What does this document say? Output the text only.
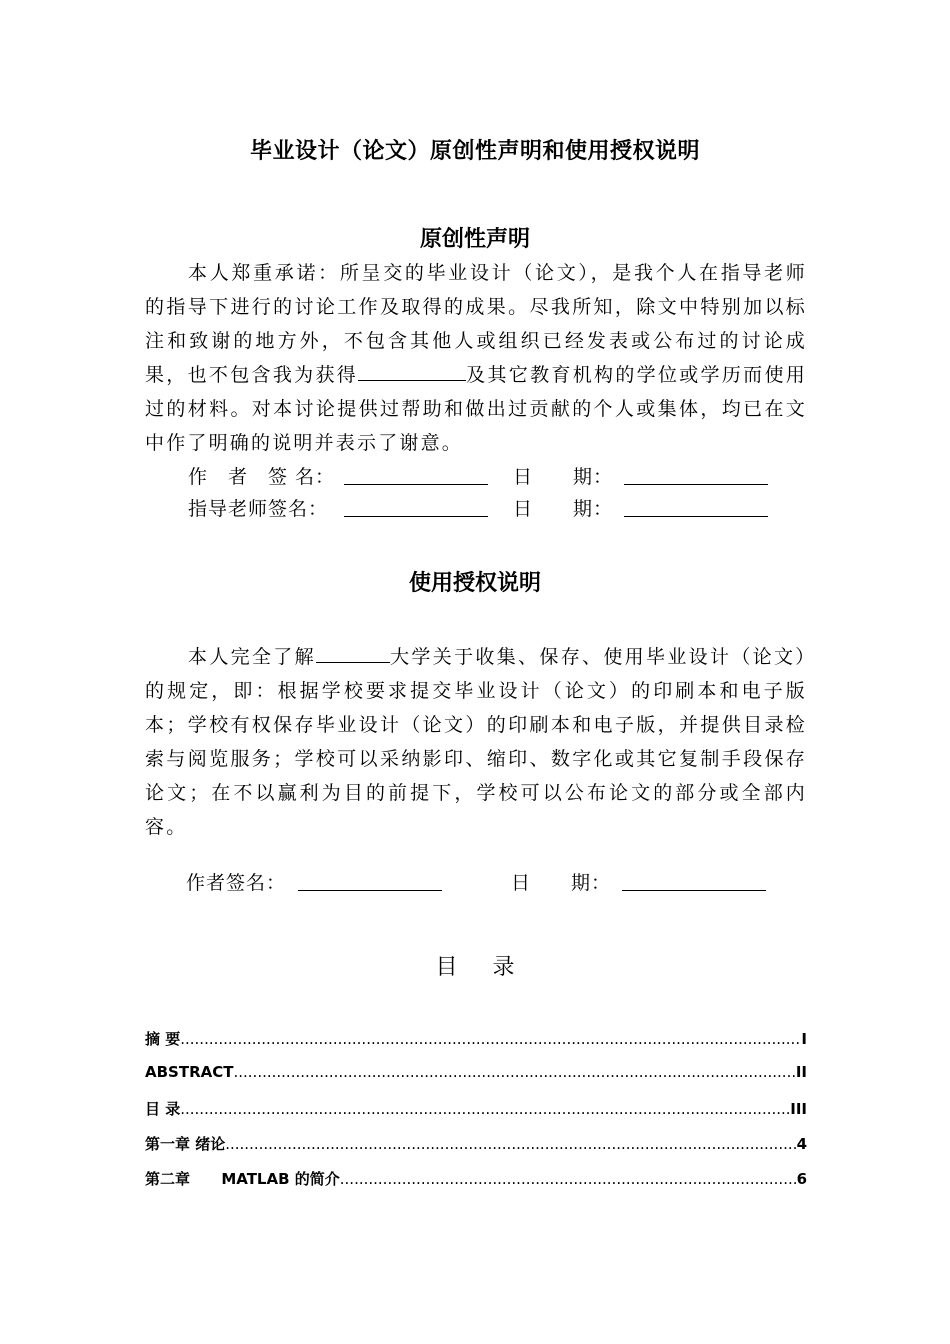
毕业设计（论文）原创性声明和使用授权说明
原创性声明
本人郑重承诺：所呈交的毕业设计（论文），是我个人在指导老师的指导下进行的讨论工作及取得的成果。尽我所知，除文中特别加以标注和致谢的地方外，不包含其他人或组织已经发表或公布过的讨论成果，也不包含我为获得	及其它教育机构的学位或学历而使用过的材料。对本讨论提供过帮助和做出过贡献的个人或集体，均已在文中作了明确的说明并表示了谢意。
作　者　签 名：	日　　期：
指导老师签名：	日　　期：
使用授权说明
本人完全了解	大学关于收集、保存、使用毕业设计（论文）的规定，即：根据学校要求提交毕业设计（论文）的印刷本和电子版本；学校有权保存毕业设计（论文）的印刷本和电子版，并提供目录检索与阅览服务；学校可以采纳影印、缩印、数字化或其它复制手段保存论文；在不以赢利为目的前提下，学校可以公布论文的部分或全部内容。
作者签名：	日　　期：
目 录
摘 要 .....	I
ABSTRACT .....	II
目 录 .....	III
第一章 绪论 .....	4
第二章      MATLAB 的简介 .....	6
